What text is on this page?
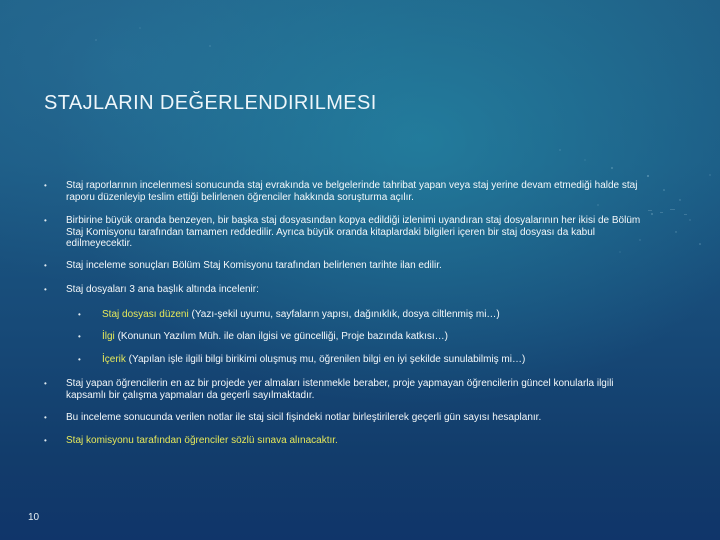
STAJLARIN DEĞERLENDIRILMESI
• Staj raporlarının incelenmesi sonucunda staj evrakında ve belgelerinde tahribat yapan veya staj yerine devam etmediği halde staj raporu düzenleyip teslim ettiği belirlenen öğrenciler hakkında soruşturma açılır.
• Birbirine büyük oranda benzeyen, bir başka staj dosyasından kopya edildiği izlenimi uyandıran staj dosyalarının her ikisi de Bölüm Staj Komisyonu tarafından tamamen reddedilir. Ayrıca büyük oranda kitaplardaki bilgileri içeren bir staj dosyası da kabul edilmeyecektir.
• Staj inceleme sonuçları Bölüm Staj Komisyonu tarafından belirlenen tarihte ilan edilir.
• Staj dosyaları 3 ana başlık altında incelenir:
• Staj dosyası düzeni (Yazı-şekil uyumu, sayfaların yapısı, dağınıklık, dosya ciltlenmiş mi…)
• İlgi (Konunun Yazılım Müh. ile olan ilgisi ve güncelliği, Proje bazında katkısı…)
• İçerik (Yapılan işle ilgili bilgi birikimi oluşmuş mu, öğrenilen bilgi en iyi şekilde sunulabilmiş mi…)
• Staj yapan öğrencilerin en az bir projede yer almaları istenmekle beraber, proje yapmayan öğrencilerin güncel konularla ilgili kapsamlı bir çalışma yapmaları da geçerli sayılmaktadır.
• Bu inceleme sonucunda verilen notlar ile staj sicil fişindeki notlar birleştirilerek geçerli gün sayısı hesaplanır.
• Staj komisyonu tarafından öğrenciler sözlü sınava alınacaktır.
10
